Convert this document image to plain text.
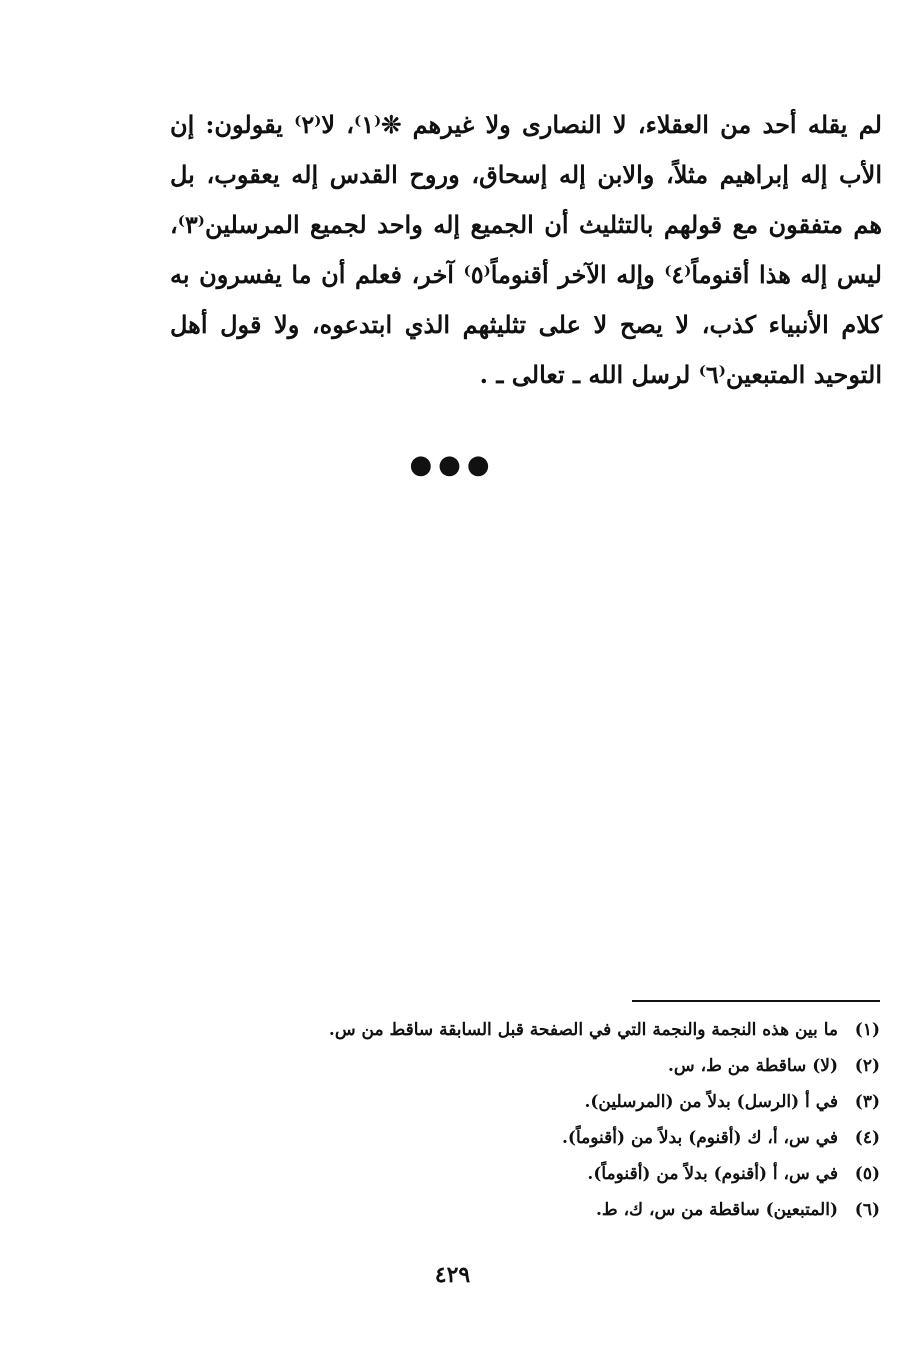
لم يقله أحد من العقلاء، لا النصارى ولا غيرهم ❊⁽١⁾، لا⁽٢⁾ يقولون: إن الأب إله إبراهيم مثلاً، والابن إله إسحاق، وروح القدس إله يعقوب، بل هم متفقون مع قولهم بالتثليث أن الجميع إله واحد لجميع المرسلين⁽٣⁾، ليس إله هذا أقنوماً⁽٤⁾ وإله الآخر أقنوماً⁽٥⁾ آخر، فعلم أن ما يفسرون به كلام الأنبياء كذب، لا يصح لا على تثليثهم الذي ابتدعوه، ولا قول أهل التوحيد المتبعين⁽٦⁾ لرسل الله ـ تعالى ـ .

●●●
(١)ما بين هذه النجمة والنجمة التي في الصفحة قبل السابقة ساقط من س.
(٢)(لا) ساقطة من ط، س.
(٣)في أ (الرسل) بدلاً من (المرسلين).
(٤)في س، أ، ك (أقنوم) بدلاً من (أقنوماً).
(٥)في س، أ (أقنوم) بدلاً من (أقنوماً).
(٦)(المتبعين) ساقطة من س، ك، ط.
٤٢٩
